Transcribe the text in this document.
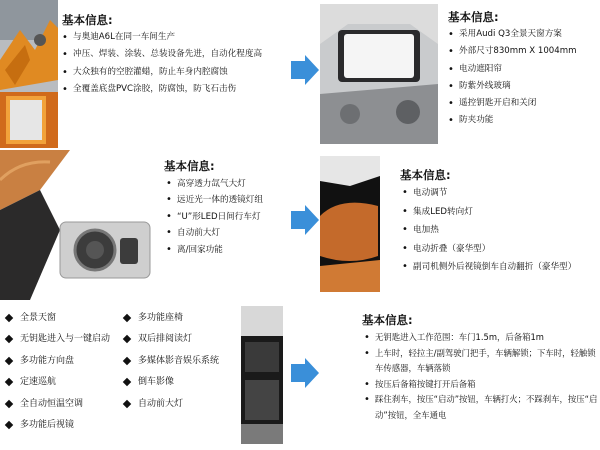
基本信息:
• 与奥迪A6L在同一车间生产
• 冲压、焊装、涂装、总装设备先进，自动化程度高
• 大众独有的空腔灌蜡，防止车身内腔腐蚀
• 全覆盖底盘PVC涂胶，防腐蚀，防飞石击伤
基本信息:
• 采用Audi Q3全景天窗方案
• 外部尺寸830mm X 1004mm
• 电动遮阳帘
• 防紫外线玻璃
• 遥控钥匙开启和关闭
• 防夹功能
基本信息:
• 高穿透力氙气大灯
• 远近光一体的透镜灯组
• “U”形LED日间行车灯
• 自动前大灯
• 离/回家功能
基本信息:
• 电动调节
• 集成LED转向灯
• 电加热
• 电动折叠（豪华型）
• 副司机侧外后视镜倒车自动翻折（豪华型）
全景天窗
无钥匙进入与一键启动
多功能方向盘
定速巡航
全自动恒温空调
多功能后视镜
多功能座椅
双后排阅读灯
多媒体影音娱乐系统
倒车影像
自动前大灯
基本信息:
• 无钥匙进入工作范围：车门1.5m，后备箱1m
• 上车时，轻拉主/副驾驶门把手，车辆解锁；下车时，轻触锁车传感器，车辆落锁
• 按压后备箱按键打开后备箱
• 踩住刹车，按压“启动”按钮，车辆打火；不踩刹车，按压“启动”按钮，全车通电
